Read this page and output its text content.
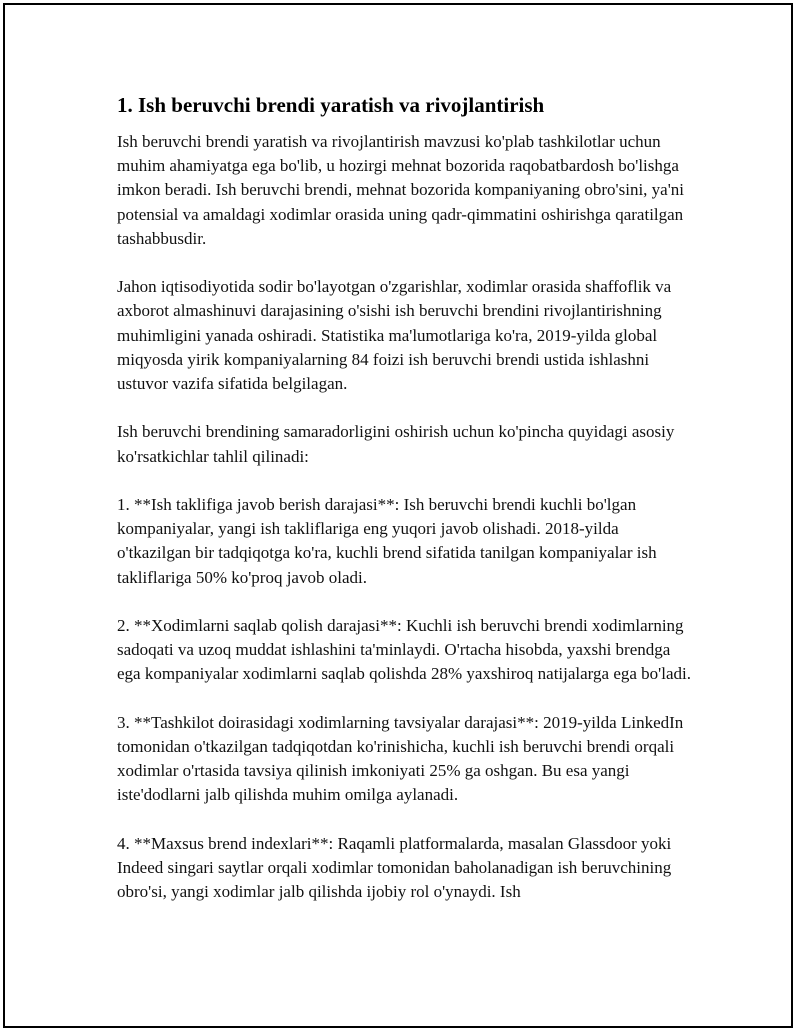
1. Ish beruvchi brendi yaratish va rivojlantirish

Ish beruvchi brendi yaratish va rivojlantirish mavzusi ko'plab tashkilotlar uchun muhim ahamiyatga ega bo'lib, u hozirgi mehnat bozorida raqobatbardosh bo'lishga imkon beradi. Ish beruvchi brendi, mehnat bozorida kompaniyaning obro'sini, ya'ni potensial va amaldagi xodimlar orasida uning qadr-qimmatini oshirishga qaratilgan tashabbusdir.

Jahon iqtisodiyotida sodir bo'layotgan o'zgarishlar, xodimlar orasida shaffoflik va axborot almashinuvi darajasining o'sishi ish beruvchi brendini rivojlantirishning muhimligini yanada oshiradi. Statistika ma'lumotlariga ko'ra, 2019-yilda global miqyosda yirik kompaniyalarning 84 foizi ish beruvchi brendi ustida ishlashni ustuvor vazifa sifatida belgilagan.

Ish beruvchi brendining samaradorligini oshirish uchun ko'pincha quyidagi asosiy ko'rsatkichlar tahlil qilinadi:

1. **Ish taklifiga javob berish darajasi**: Ish beruvchi brendi kuchli bo'lgan kompaniyalar, yangi ish takliflariga eng yuqori javob olishadi. 2018-yilda o'tkazilgan bir tadqiqotga ko'ra, kuchli brend sifatida tanilgan kompaniyalar ish takliflariga 50% ko'proq javob oladi.

2. **Xodimlarni saqlab qolish darajasi**: Kuchli ish beruvchi brendi xodimlarning sadoqati va uzoq muddat ishlashini ta'minlaydi. O'rtacha hisobda, yaxshi brendga ega kompaniyalar xodimlarni saqlab qolishda 28% yaxshiroq natijalarga ega bo'ladi.

3. **Tashkilot doirasidagi xodimlarning tavsiyalar darajasi**: 2019-yilda LinkedIn tomonidan o'tkazilgan tadqiqotdan ko'rinishicha, kuchli ish beruvchi brendi orqali xodimlar o'rtasida tavsiya qilinish imkoniyati 25% ga oshgan. Bu esa yangi iste'dodlarni jalb qilishda muhim omilga aylanadi.

4. **Maxsus brend indexlari**: Raqamli platformalarda, masalan Glassdoor yoki Indeed singari saytlar orqali xodimlar tomonidan baholanadigan ish beruvchining obro'si, yangi xodimlar jalb qilishda ijobiy rol o'ynaydi. Ish
